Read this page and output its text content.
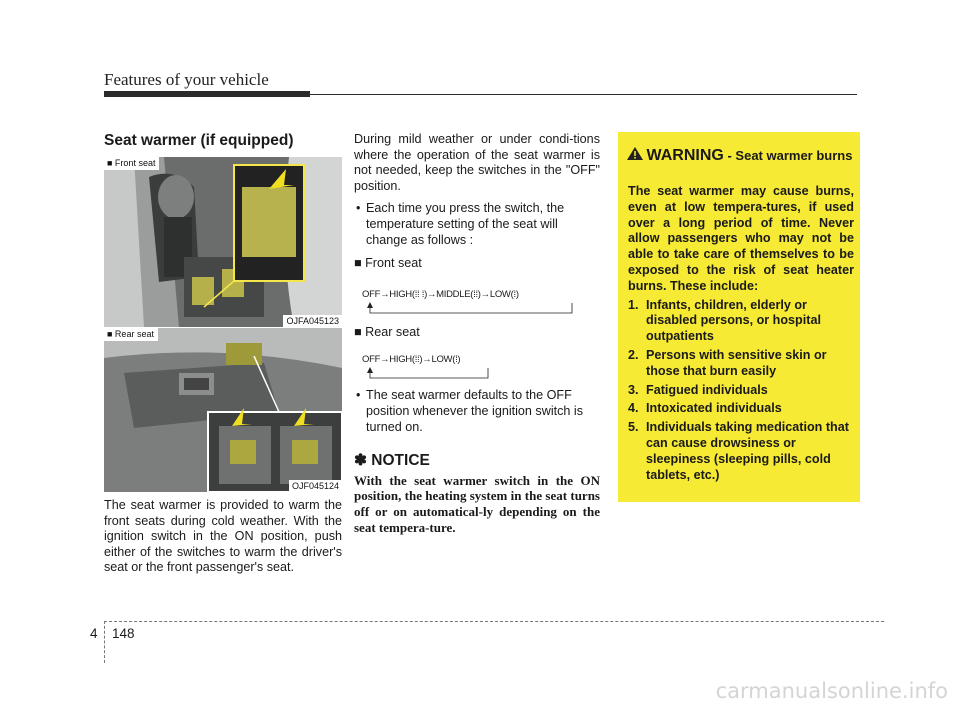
Features of your vehicle
Seat warmer (if equipped)
■ Front seat
OJFA045123
■ Rear seat
OJF045124
The seat warmer is provided to warm the front seats during cold weather. With the ignition switch in the ON position, push either of the switches to warm the driver's seat or the front passenger's seat.

During mild weather or under condi-tions where the operation of the seat warmer is not needed, keep the switches in the "OFF" position.

• Each time you press the switch, the temperature setting of the seat will change as follows :

■ Front seat

OFF→HIGH(⁞⁞ ⁞)→MIDDLE(⁞⁞)→LOW(⁞)

■ Rear seat

OFF→HIGH(⁞⁞)→LOW(⁞)

• The seat warmer defaults to the OFF position whenever the ignition switch is turned on.

✽ NOTICE

With the seat warmer switch in the ON position, the heating system in the seat turns off or on automatical-ly depending on the seat tempera-ture.

WARNING - Seat warmer burns

The seat warmer may cause burns, even at low tempera-tures, if used over a long period of time. Never allow passengers who may not be able to take care of themselves to be exposed to the risk of seat heater burns. These include:

1. Infants, children, elderly or disabled persons, or hospital outpatients
2. Persons with sensitive skin or those that burn easily
3. Fatigued individuals
4. Intoxicated individuals
5. Individuals taking medication that can cause drowsiness or sleepiness (sleeping pills, cold tablets, etc.)
4 148
carmanualsonline.info
